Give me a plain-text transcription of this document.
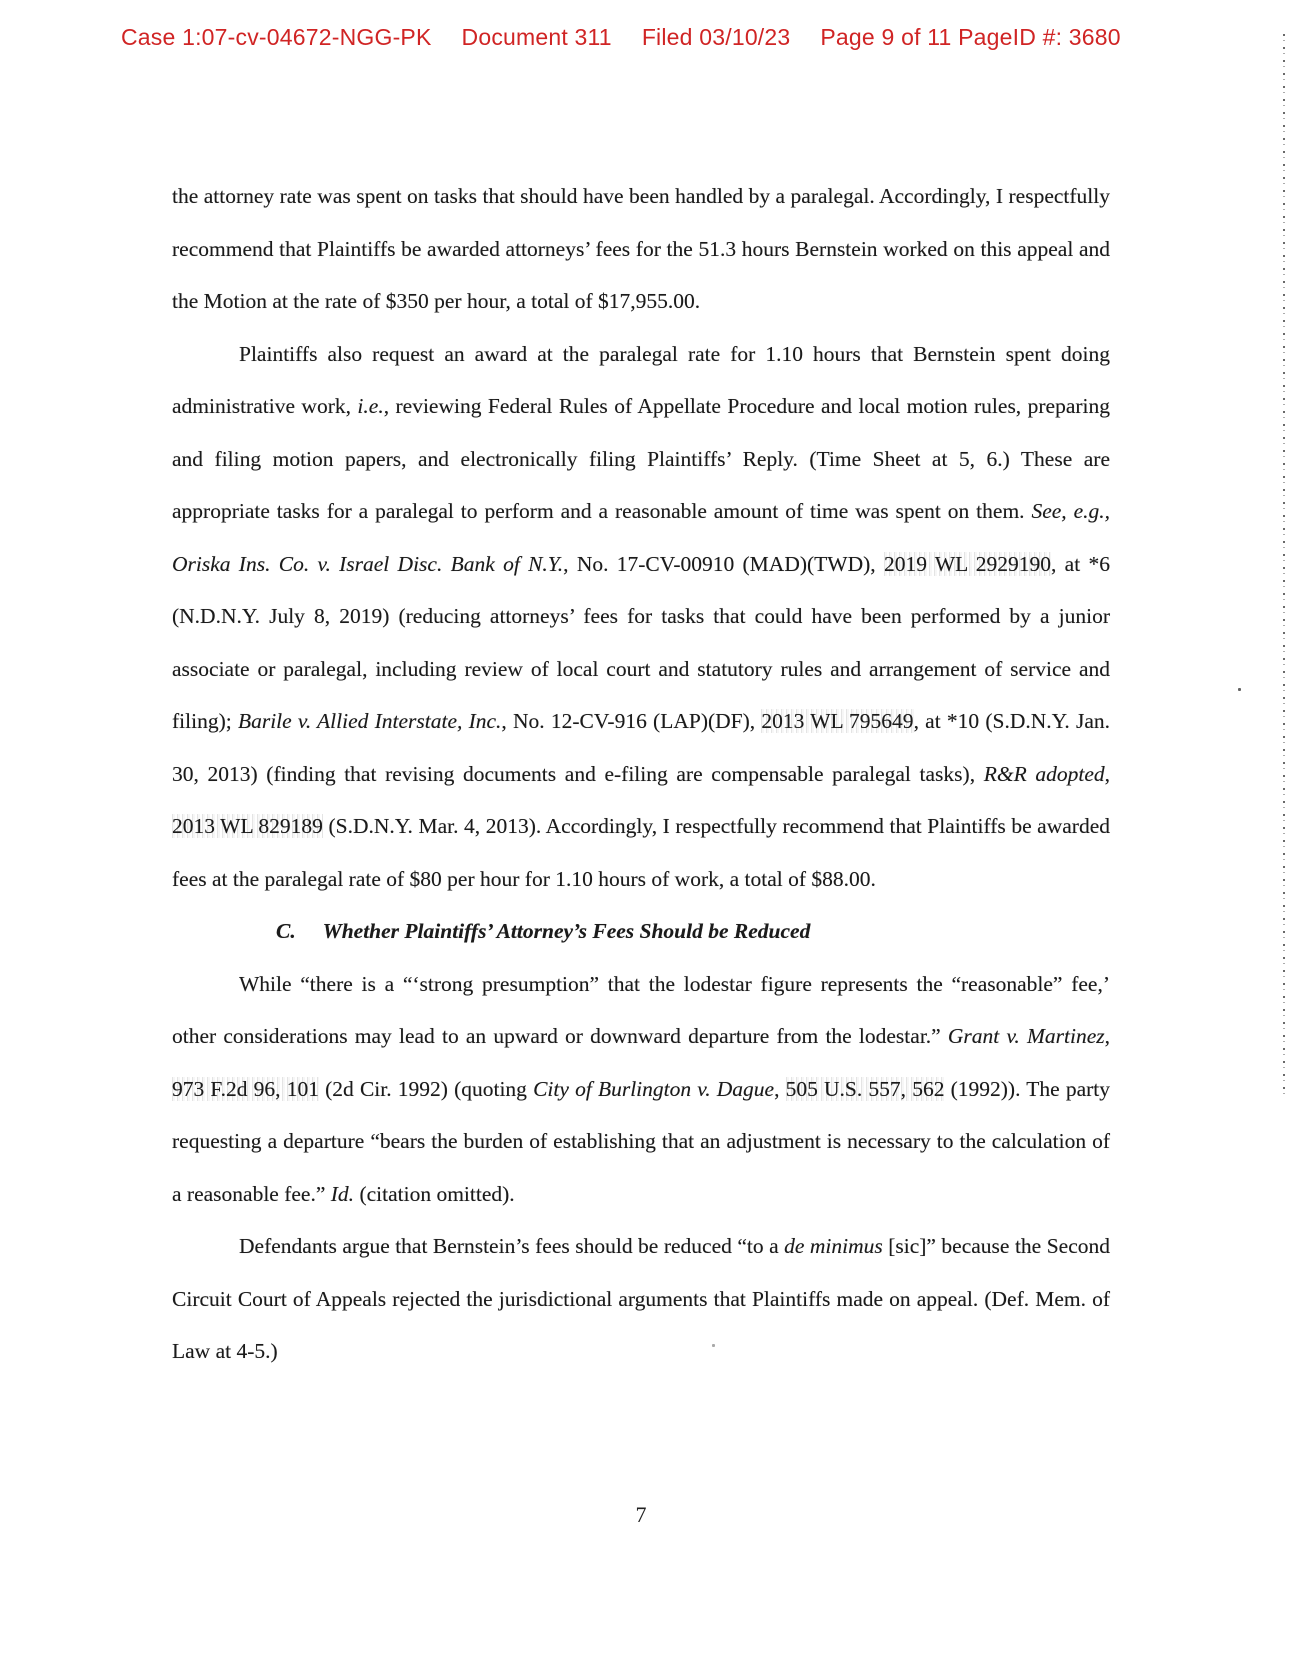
Case 1:07-cv-04672-NGG-PK Document 311 Filed 03/10/23 Page 9 of 11 PageID #: 3680

the attorney rate was spent on tasks that should have been handled by a paralegal. Accordingly, I respectfully recommend that Plaintiffs be awarded attorneys’ fees for the 51.3 hours Bernstein worked on this appeal and the Motion at the rate of $350 per hour, a total of $17,955.00.

Plaintiffs also request an award at the paralegal rate for 1.10 hours that Bernstein spent doing administrative work, i.e., reviewing Federal Rules of Appellate Procedure and local motion rules, preparing and filing motion papers, and electronically filing Plaintiffs’ Reply. (Time Sheet at 5, 6.) These are appropriate tasks for a paralegal to perform and a reasonable amount of time was spent on them. See, e.g., Oriska Ins. Co. v. Israel Disc. Bank of N.Y., No. 17-CV-00910 (MAD)(TWD), 2019 WL 2929190, at *6 (N.D.N.Y. July 8, 2019) (reducing attorneys’ fees for tasks that could have been performed by a junior associate or paralegal, including review of local court and statutory rules and arrangement of service and filing); Barile v. Allied Interstate, Inc., No. 12-CV-916 (LAP)(DF), 2013 WL 795649, at *10 (S.D.N.Y. Jan. 30, 2013) (finding that revising documents and e-filing are compensable paralegal tasks), R&R adopted, 2013 WL 829189 (S.D.N.Y. Mar. 4, 2013). Accordingly, I respectfully recommend that Plaintiffs be awarded fees at the paralegal rate of $80 per hour for 1.10 hours of work, a total of $88.00.

C.  Whether Plaintiffs’ Attorney’s Fees Should be Reduced

While “there is a “‘strong presumption” that the lodestar figure represents the “reasonable” fee,’ other considerations may lead to an upward or downward departure from the lodestar.” Grant v. Martinez, 973 F.2d 96, 101 (2d Cir. 1992) (quoting City of Burlington v. Dague, 505 U.S. 557, 562 (1992)). The party requesting a departure “bears the burden of establishing that an adjustment is necessary to the calculation of a reasonable fee.” Id. (citation omitted).

Defendants argue that Bernstein’s fees should be reduced “to a de minimus [sic]” because the Second Circuit Court of Appeals rejected the jurisdictional arguments that Plaintiffs made on appeal. (Def. Mem. of Law at 4-5.)

7
